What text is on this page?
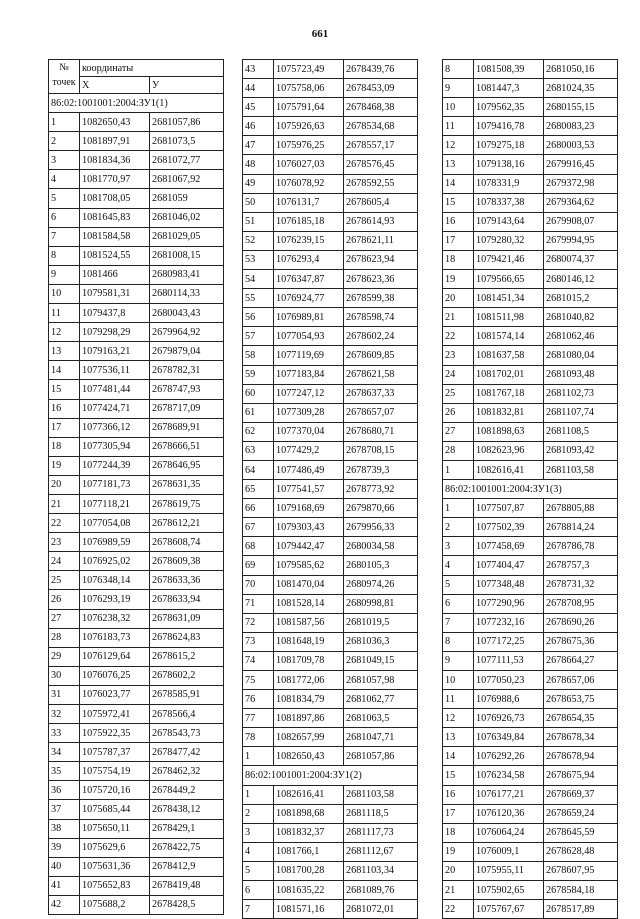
661
№
точек	координаты	
	X	У
86:02:1001001:2004:ЗУ1(1)		
1	1082650,43	2681057,86
2	1081897,91	2681073,5
3	1081834,36	2681072,77
4	1081770,97	2681067,92
5	1081708,05	2681059
6	1081645,83	2681046,02
7	1081584,58	2681029,05
8	1081524,55	2681008,15
9	1081466	2680983,41
10	1079581,31	2680114,33
11	1079437,8	2680043,43
12	1079298,29	2679964,92
13	1079163,21	2679879,04
14	1077536,11	2678782,31
15	1077481,44	2678747,93
16	1077424,71	2678717,09
17	1077366,12	2678689,91
18	1077305,94	2678666,51
19	1077244,39	2678646,95
20	1077181,73	2678631,35
21	1077118,21	2678619,75
22	1077054,08	2678612,21
23	1076989,59	2678608,74
24	1076925,02	2678609,38
25	1076348,14	2678633,36
26	1076293,19	2678633,94
27	1076238,32	2678631,09
28	1076183,73	2678624,83
29	1076129,64	2678615,2
30	1076076,25	2678602,2
31	1076023,77	2678585,91
32	1075972,41	2678566,4
33	1075922,35	2678543,73
34	1075787,37	2678477,42
35	1075754,19	2678462,32
36	1075720,16	2678449,2
37	1075685,44	2678438,12
38	1075650,11	2678429,1
39	1075629,6	2678422,75
40	1075631,36	2678412,9
41	1075652,83	2678419,48
42	1075688,2	2678428,5
43	1075723,49	2678439,76
44	1075758,06	2678453,09
45	1075791,64	2678468,38
46	1075926,63	2678534,68
47	1075976,25	2678557,17
48	1076027,03	2678576,45
49	1076078,92	2678592,55
50	1076131,7	2678605,4
51	1076185,18	2678614,93
52	1076239,15	2678621,11
53	1076293,4	2678623,94
54	1076347,87	2678623,36
55	1076924,77	2678599,38
56	1076989,81	2678598,74
57	1077054,93	2678602,24
58	1077119,69	2678609,85
59	1077183,84	2678621,58
60	1077247,12	2678637,33
61	1077309,28	2678657,07
62	1077370,04	2678680,71
63	1077429,2	2678708,15
64	1077486,49	2678739,3
65	1077541,57	2678773,92
66	1079168,69	2679870,66
67	1079303,43	2679956,33
68	1079442,47	2680034,58
69	1079585,62	2680105,3
70	1081470,04	2680974,26
71	1081528,14	2680998,81
72	1081587,56	2681019,5
73	1081648,19	2681036,3
74	1081709,78	2681049,15
75	1081772,06	2681057,98
76	1081834,79	2681062,77
77	1081897,86	2681063,5
78	1082657,99	2681047,71
1	1082650,43	2681057,86
86:02:1001001:2004:ЗУ1(2)		
1	1082616,41	2681103,58
2	1081898,68	2681118,5
3	1081832,37	2681117,73
4	1081766,1	2681112,67
5	1081700,28	2681103,34
6	1081635,22	2681089,76
7	1081571,16	2681072,01
8	1081508,39	2681050,16
9	1081447,3	2681024,35
10	1079562,35	2680155,15
11	1079416,78	2680083,23
12	1079275,18	2680003,53
13	1079138,16	2679916,45
14	1078331,9	2679372,98
15	1078337,38	2679364,62
16	1079143,64	2679908,07
17	1079280,32	2679994,95
18	1079421,46	2680074,37
19	1079566,65	2680146,12
20	1081451,34	2681015,2
21	1081511,98	2681040,82
22	1081574,14	2681062,46
23	1081637,58	2681080,04
24	1081702,01	2681093,48
25	1081767,18	2681102,73
26	1081832,81	2681107,74
27	1081898,63	2681108,5
28	1082623,96	2681093,42
1	1082616,41	2681103,58
86:02:1001001:2004:ЗУ1(3)		
1	1077507,87	2678805,88
2	1077502,39	2678814,24
3	1077458,69	2678786,78
4	1077404,47	2678757,3
5	1077348,48	2678731,32
6	1077290,96	2678708,95
7	1077232,16	2678690,26
8	1077172,25	2678675,36
9	1077111,53	2678664,27
10	1077050,23	2678657,06
11	1076988,6	2678653,75
12	1076926,73	2678654,35
13	1076349,84	2678678,34
14	1076292,26	2678678,94
15	1076234,58	2678675,94
16	1076177,21	2678669,37
17	1076120,36	2678659,24
18	1076064,24	2678645,59
19	1076009,1	2678628,48
20	1075955,11	2678607,95
21	1075902,65	2678584,18
22	1075767,67	2678517,89
